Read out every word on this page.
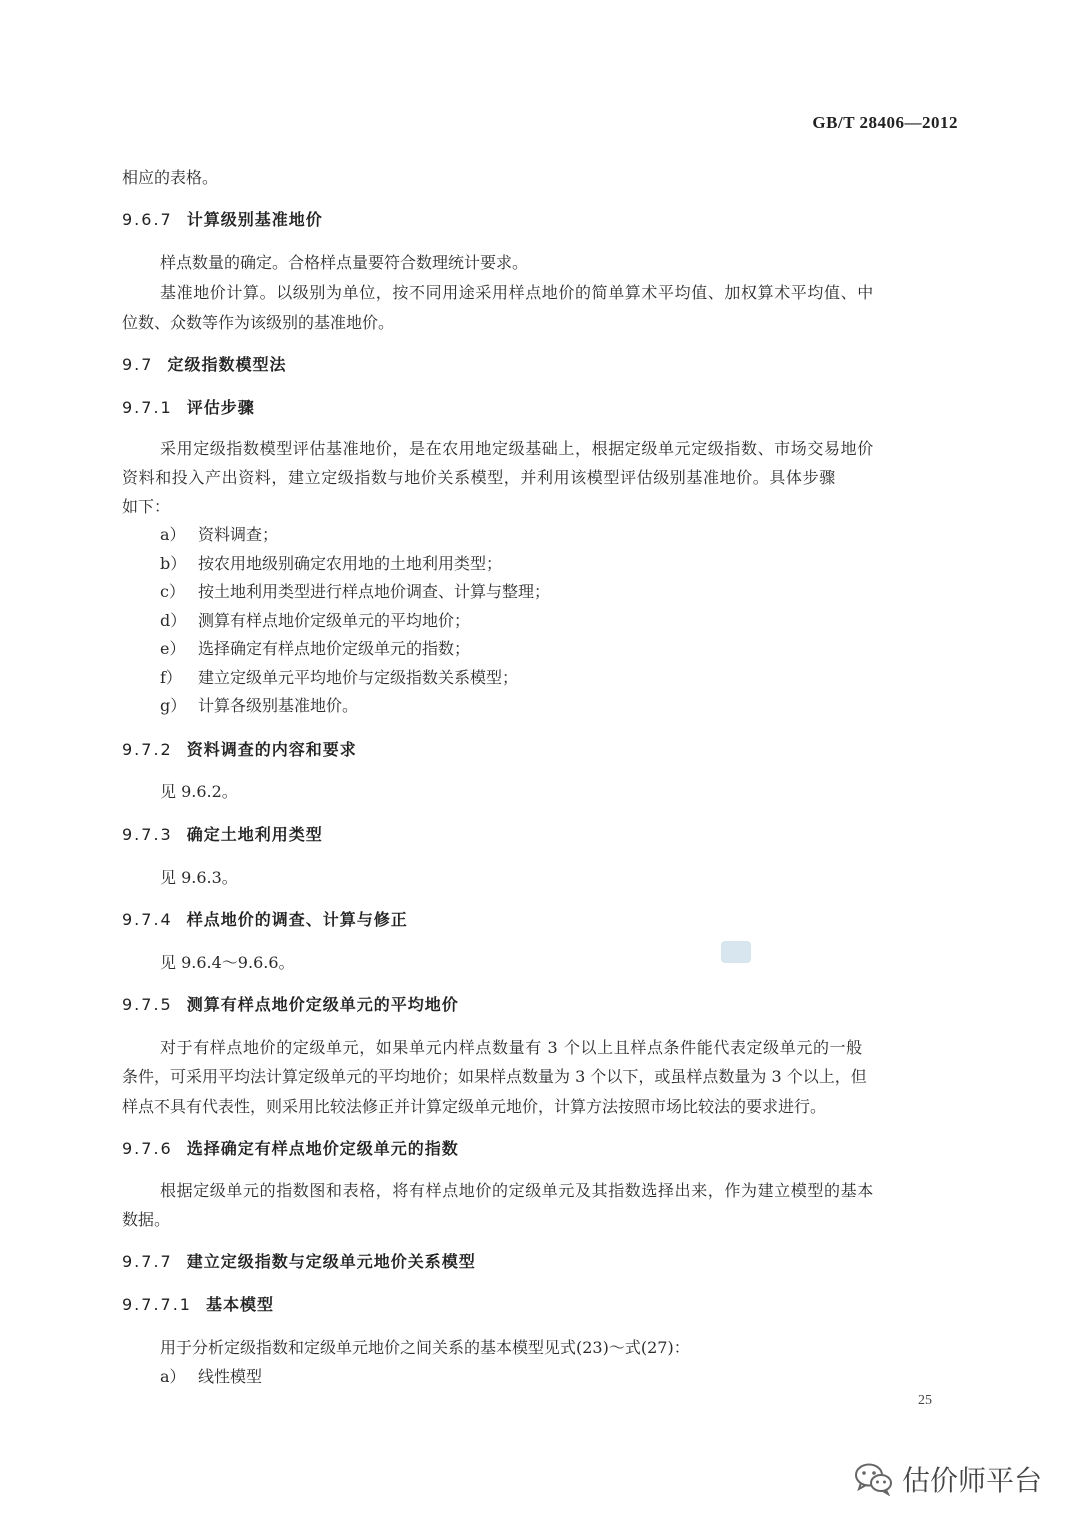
GB/T 28406—2012
相应的表格。
9.6.7 计算级别基准地价
样点数量的确定。合格样点量要符合数理统计要求。
基准地价计算。以级别为单位，按不同用途采用样点地价的简单算术平均值、加权算术平均值、中
位数、众数等作为该级别的基准地价。
9.7 定级指数模型法
9.7.1 评估步骤
采用定级指数模型评估基准地价，是在农用地定级基础上，根据定级单元定级指数、市场交易地价
资料和投入产出资料，建立定级指数与地价关系模型，并利用该模型评估级别基准地价。具体步骤
如下：
a） 资料调查；
b） 按农用地级别确定农用地的土地利用类型；
c） 按土地利用类型进行样点地价调查、计算与整理；
d） 测算有样点地价定级单元的平均地价；
e） 选择确定有样点地价定级单元的指数；
f） 建立定级单元平均地价与定级指数关系模型；
g） 计算各级别基准地价。
9.7.2 资料调查的内容和要求
见 9.6.2。
9.7.3 确定土地利用类型
见 9.6.3。
9.7.4 样点地价的调查、计算与修正
见 9.6.4～9.6.6。
9.7.5 测算有样点地价定级单元的平均地价
对于有样点地价的定级单元，如果单元内样点数量有 3 个以上且样点条件能代表定级单元的一般
条件，可采用平均法计算定级单元的平均地价；如果样点数量为 3 个以下，或虽样点数量为 3 个以上，但
样点不具有代表性，则采用比较法修正并计算定级单元地价，计算方法按照市场比较法的要求进行。
9.7.6 选择确定有样点地价定级单元的指数
根据定级单元的指数图和表格，将有样点地价的定级单元及其指数选择出来，作为建立模型的基本
数据。
9.7.7 建立定级指数与定级单元地价关系模型
9.7.7.1 基本模型
用于分析定级指数和定级单元地价之间关系的基本模型见式(23)～式(27)：
a） 线性模型
25
估价师平台
